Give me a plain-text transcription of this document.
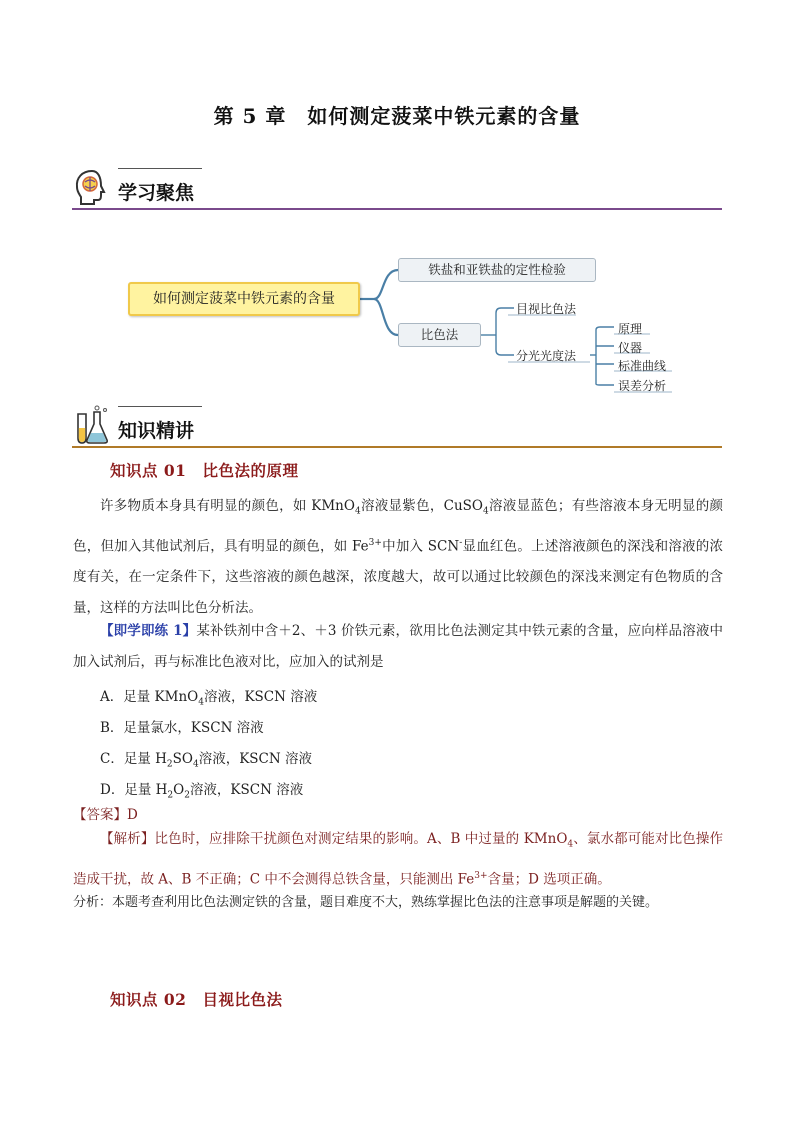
第 5 章　如何测定菠菜中铁元素的含量
学习聚焦
如何测定菠菜中铁元素的含量
铁盐和亚铁盐的定性检验
比色法
目视比色法
分光光度法
原理
仪器
标准曲线
误差分析
知识精讲
知识点 01 比色法的原理
许多物质本身具有明显的颜色，如 KMnO$_4$溶液显紫色，CuSO$_4$溶液显蓝色；有些溶液本身无明显的颜色，但加入其他试剂后，具有明显的颜色，如 $Fe^{3+}$中加入 SCN-显血红色。上述溶液颜色的深浅和溶液的浓度有关，在一定条件下，这些溶液的颜色越深，浓度越大，故可以通过比较颜色的深浅来测定有色物质的含量，这样的方法叫比色分析法。
【即学即练 1】某补铁剂中含＋2、＋3 价铁元素，欲用比色法测定其中铁元素的含量，应向样品溶液中加入试剂后，再与标准比色液对比，应加入的试剂是
A．足量 KMnO$_4$溶液，KSCN 溶液
B．足量氯水，KSCN 溶液
C．足量 $H_2SO_4$溶液，KSCN 溶液
D．足量 $H_2O_2$溶液，KSCN 溶液
【答案】D
【解析】比色时，应排除干扰颜色对测定结果的影响。A、B 中过量的 KMnO$_4$、氯水都可能对比色操作造成干扰，故 A、B 不正确；C 中不会测得总铁含量，只能测出 $Fe^{3+}$含量；D 选项正确。
分析：本题考查利用比色法测定铁的含量，题目难度不大，熟练掌握比色法的注意事项是解题的关键。
知识点 02 目视比色法
